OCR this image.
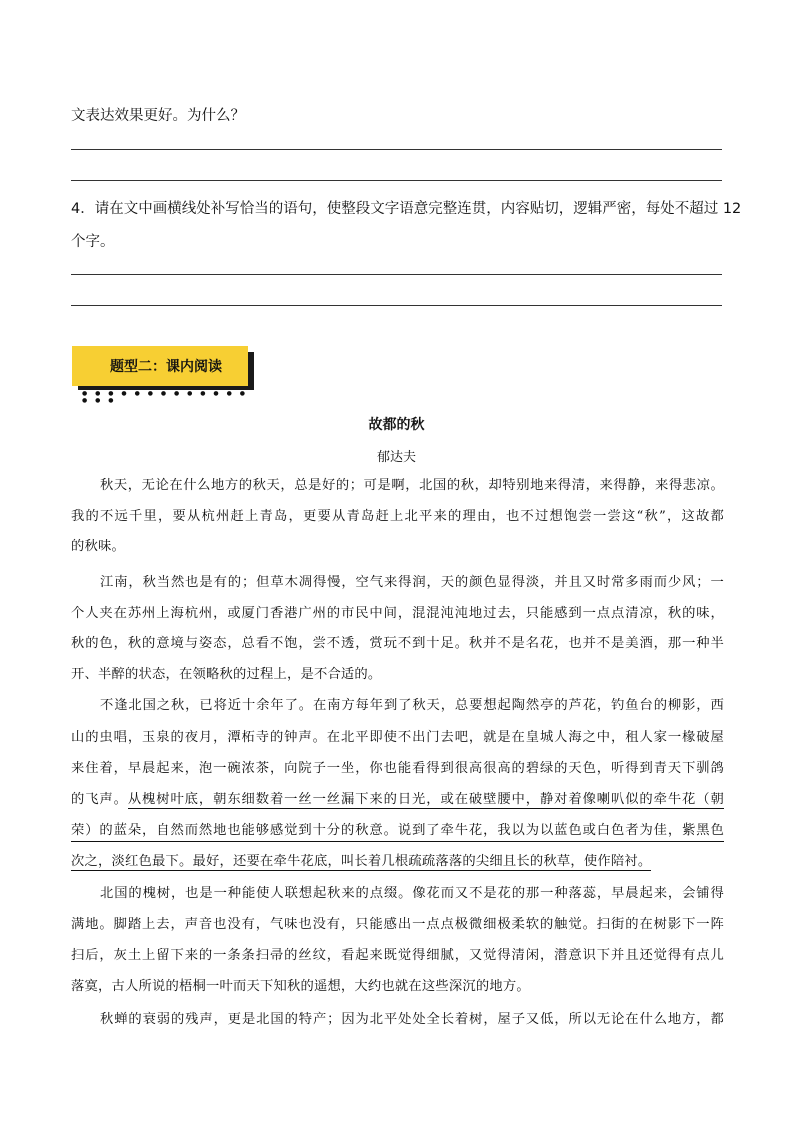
文表达效果更好。为什么？
4．请在文中画横线处补写恰当的语句，使整段文字语意完整连贯，内容贴切，逻辑严密，每处不超过 12
个字。
题型二：课内阅读
● ● ● ● ● ● ● ● ● ● ● ● ● ● ● ●
故都的秋
郁达夫
秋天，无论在什么地方的秋天，总是好的；可是啊，北国的秋，却特别地来得清，来得静，来得悲凉。
我的不远千里，要从杭州赶上青岛，更要从青岛赶上北平来的理由，也不过想饱尝一尝这“秋”，这故都
的秋味。
江南，秋当然也是有的；但草木凋得慢，空气来得润，天的颜色显得淡，并且又时常多雨而少风；一
个人夹在苏州上海杭州，或厦门香港广州的市民中间，混混沌沌地过去，只能感到一点点清凉，秋的味，
秋的色，秋的意境与姿态，总看不饱，尝不透，赏玩不到十足。秋并不是名花，也并不是美酒，那一种半
开、半醉的状态，在领略秋的过程上，是不合适的。
不逢北国之秋，已将近十余年了。在南方每年到了秋天，总要想起陶然亭的芦花，钓鱼台的柳影，西
山的虫唱，玉泉的夜月，潭柘寺的钟声。在北平即使不出门去吧，就是在皇城人海之中，租人家一椽破屋
来住着，早晨起来，泡一碗浓茶，向院子一坐，你也能看得到很高很高的碧绿的天色，听得到青天下驯鸽
的飞声。从槐树叶底，朝东细数着一丝一丝漏下来的日光，或在破壁腰中，静对着像喇叭似的牵牛花（朝
荣）的蓝朵，自然而然地也能够感觉到十分的秋意。说到了牵牛花，我以为以蓝色或白色者为佳，紫黑色
次之，淡红色最下。最好，还要在牵牛花底，叫长着几根疏疏落落的尖细且长的秋草，使作陪衬。
北国的槐树，也是一种能使人联想起秋来的点缀。像花而又不是花的那一种落蕊，早晨起来，会铺得
满地。脚踏上去，声音也没有，气味也没有，只能感出一点点极微细极柔软的触觉。扫街的在树影下一阵
扫后，灰土上留下来的一条条扫帚的丝纹，看起来既觉得细腻，又觉得清闲，潜意识下并且还觉得有点儿
落寞，古人所说的梧桐一叶而天下知秋的遥想，大约也就在这些深沉的地方。
秋蝉的衰弱的残声，更是北国的特产；因为北平处处全长着树，屋子又低，所以无论在什么地方，都
